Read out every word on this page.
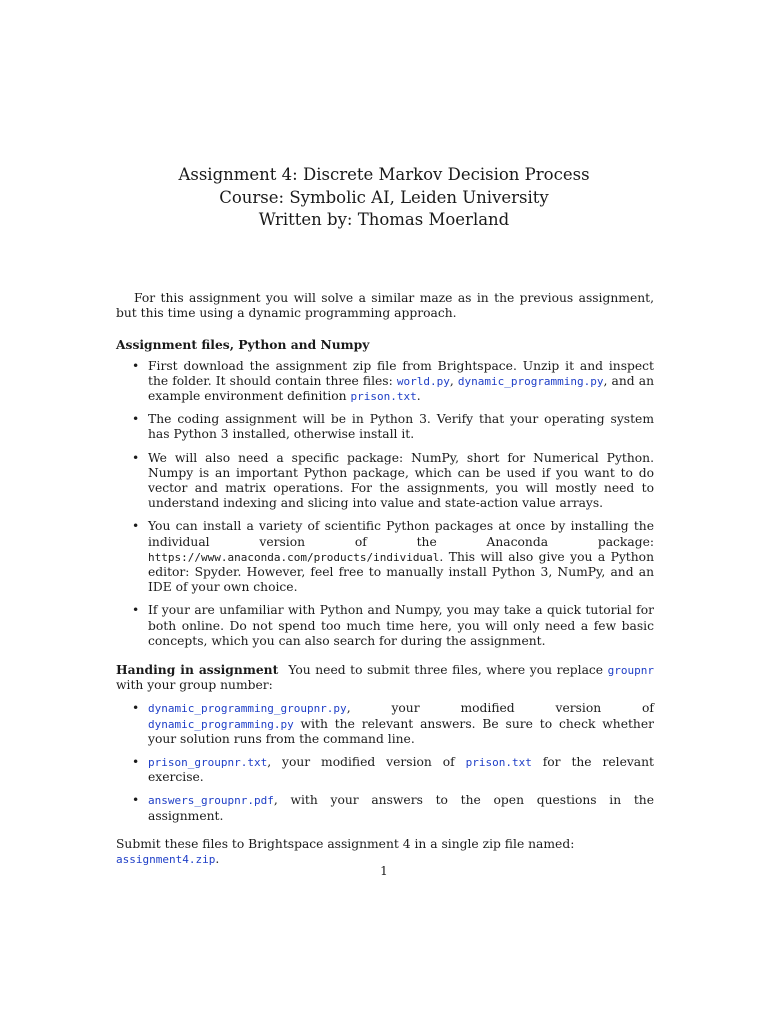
Assignment 4: Discrete Markov Decision Process
Course: Symbolic AI, Leiden University
Written by: Thomas Moerland

For this assignment you will solve a similar maze as in the previous assignment, but this time using a dynamic programming approach.

Assignment files, Python and Numpy

• First download the assignment zip file from Brightspace. Unzip it and inspect the folder. It should contain three files: world.py, dynamic_programming.py, and an example environment definition prison.txt.
• The coding assignment will be in Python 3. Verify that your operating system has Python 3 installed, otherwise install it.
• We will also need a specific package: NumPy, short for Numerical Python. Numpy is an important Python package, which can be used if you want to do vector and matrix operations. For the assignments, you will mostly need to understand indexing and slicing into value and state-action value arrays.
• You can install a variety of scientific Python packages at once by installing the individual version of the Anaconda package: https://www.anaconda.com/products/individual. This will also give you a Python editor: Spyder. However, feel free to manually install Python 3, NumPy, and an IDE of your own choice.
• If your are unfamiliar with Python and Numpy, you may take a quick tutorial for both online. Do not spend too much time here, you will only need a few basic concepts, which you can also search for during the assignment.

Handing in assignment You need to submit three files, where you replace groupnr with your group number:

• dynamic_programming_groupnr.py, your modified version of dynamic_programming.py with the relevant answers. Be sure to check whether your solution runs from the command line.
• prison_groupnr.txt, your modified version of prison.txt for the relevant exercise.
• answers_groupnr.pdf, with your answers to the open questions in the assignment.

Submit these files to Brightspace assignment 4 in a single zip file named:
assignment4.zip.

1
